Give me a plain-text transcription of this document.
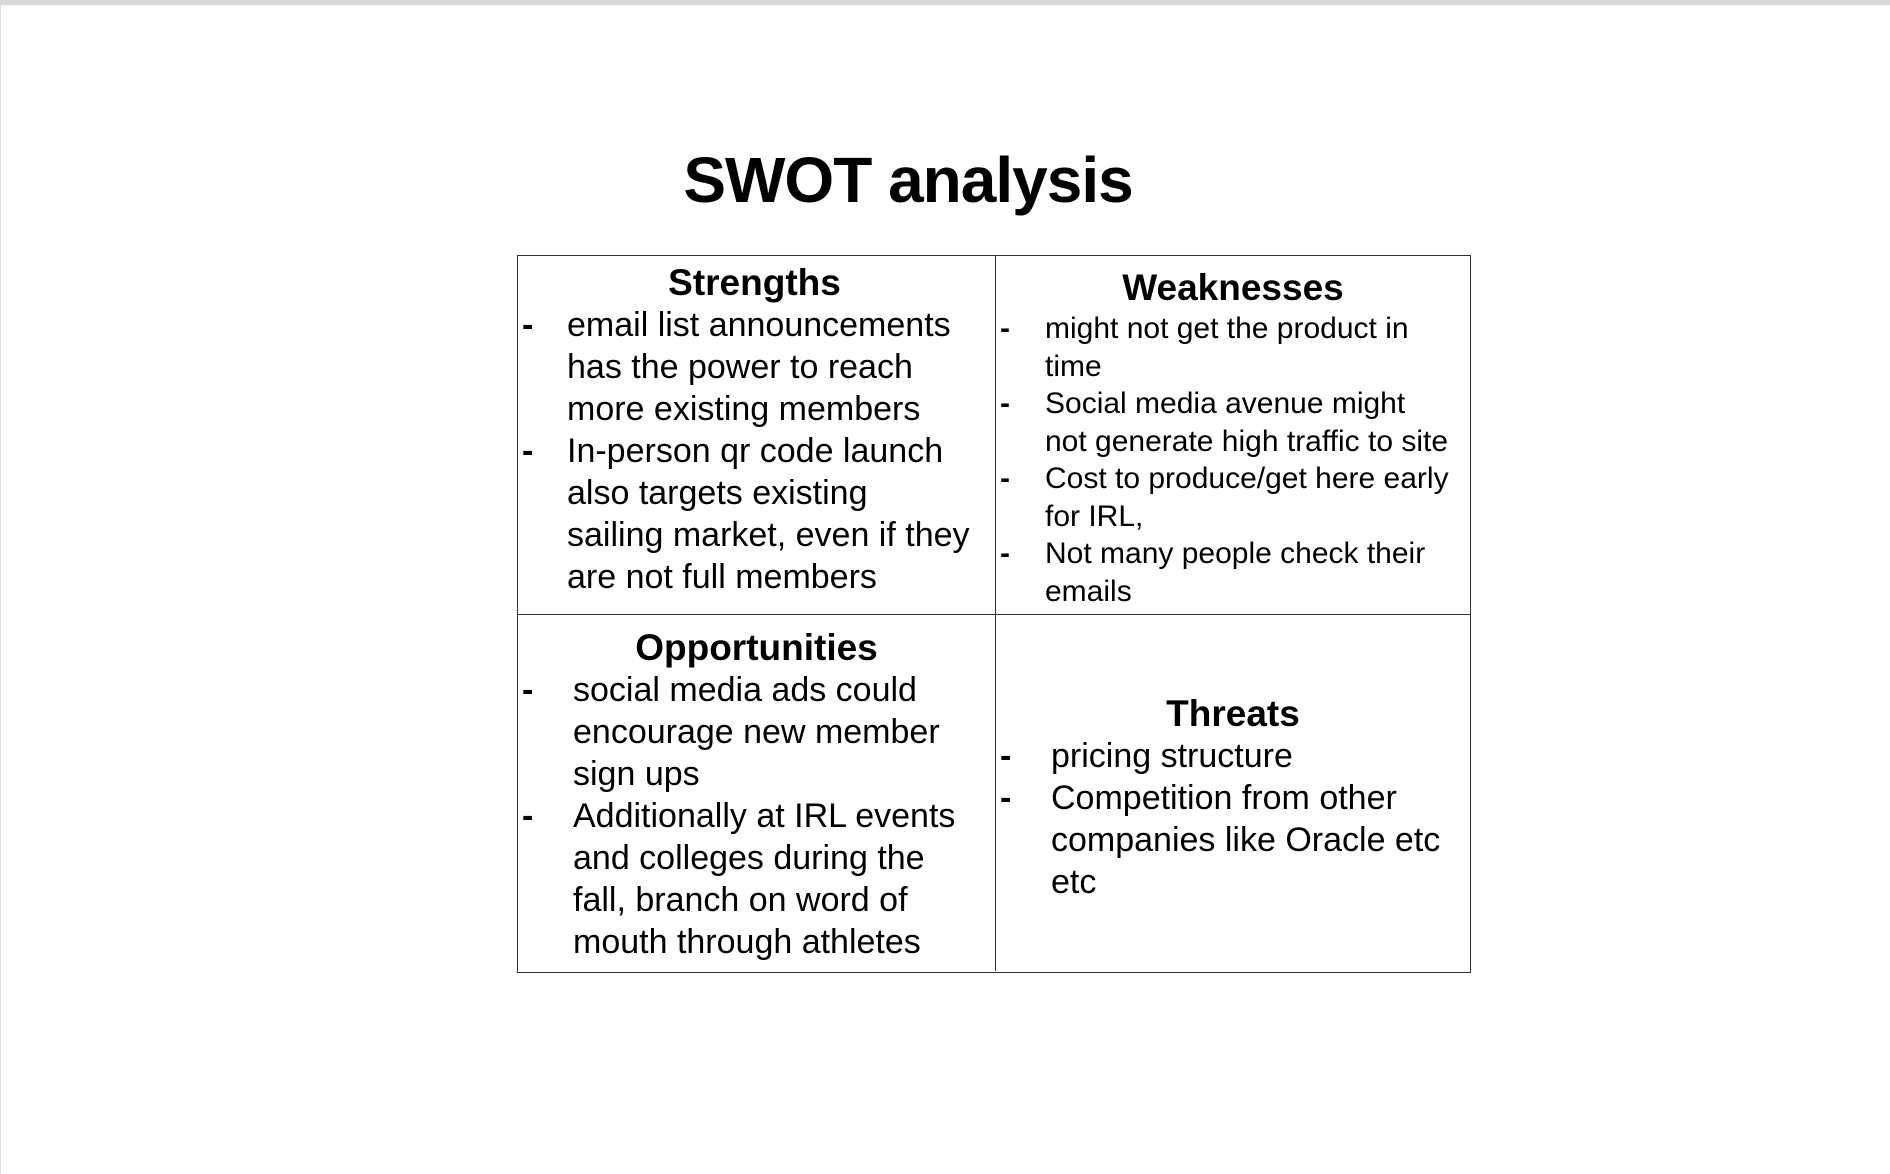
SWOT analysis
Strengths
- email list announcements
has the power to reach
more existing members
- In-person qr code launch
also targets existing
sailing market, even if they
are not full members
Weaknesses
- might not get the product in
time
- Social media avenue might
not generate high traffic to site
- Cost to produce/get here early
for IRL,
- Not many people check their
emails
Opportunities
- social media ads could
encourage new member
sign ups
- Additionally at IRL events
and colleges during the
fall, branch on word of
mouth through athletes
Threats
- pricing structure
- Competition from other
companies like Oracle etc
etc
